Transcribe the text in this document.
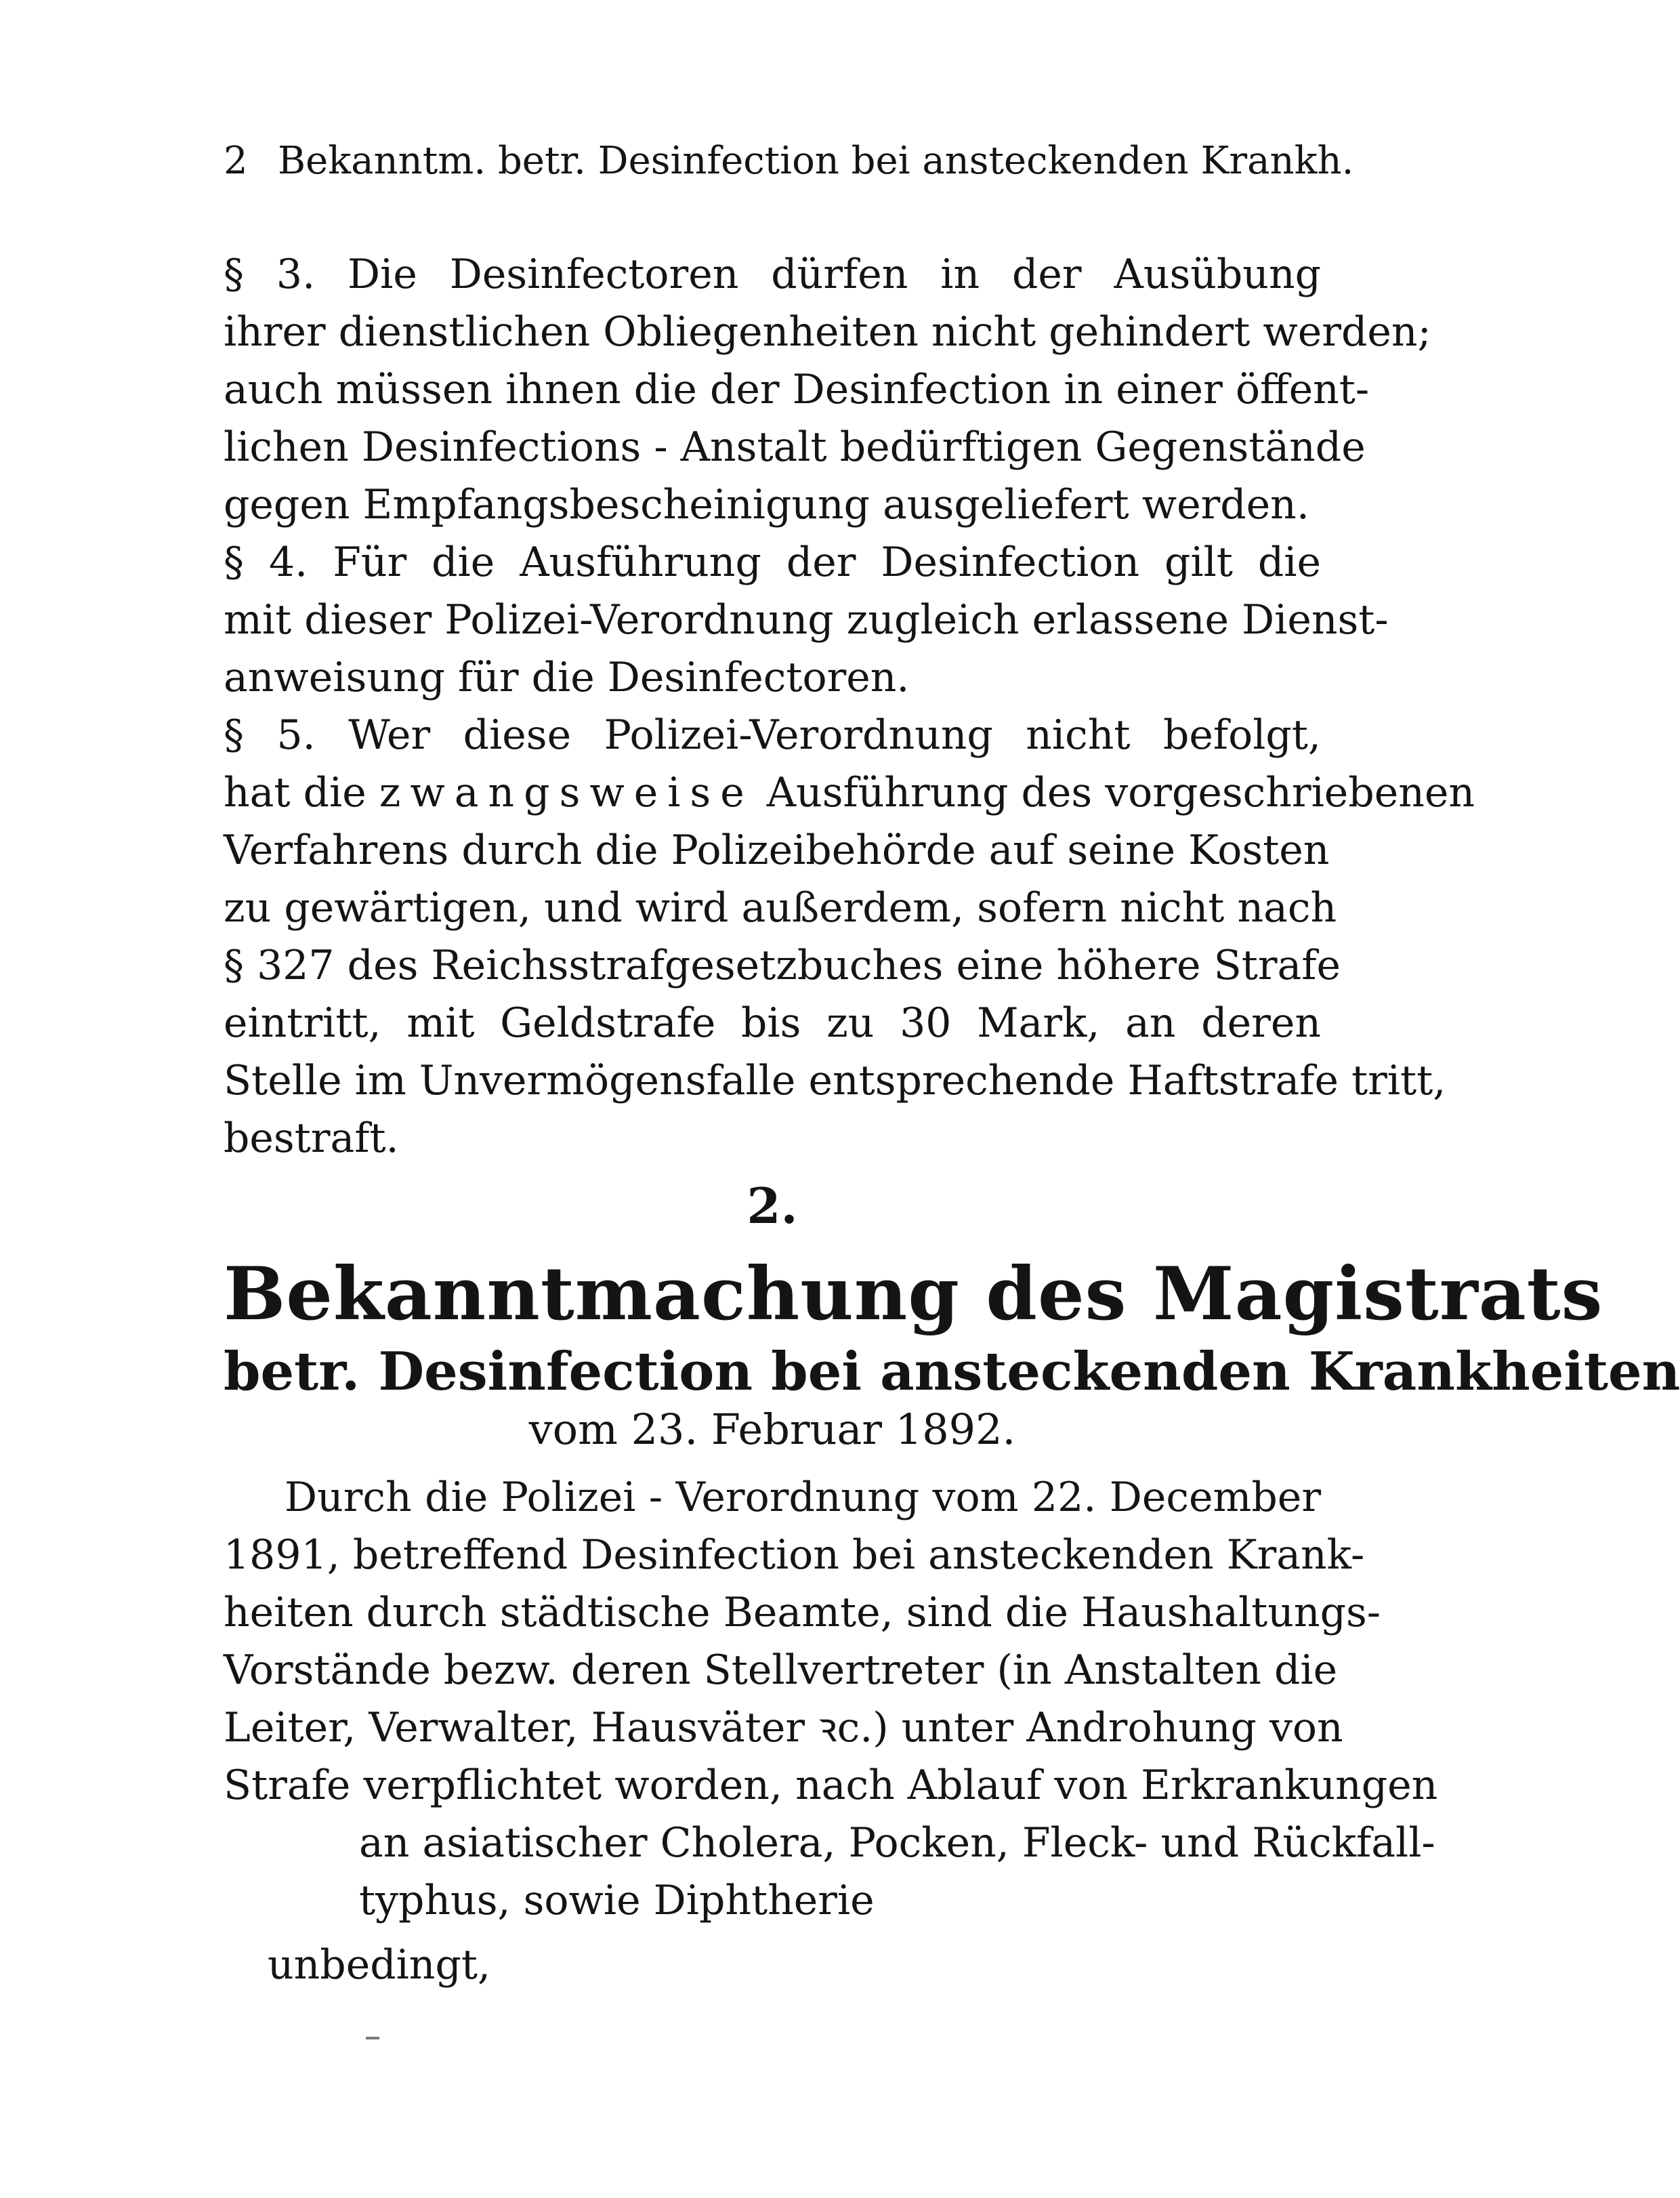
2 Bekanntm. betr. Desinfection bei ansteckenden Krankh.
§ 3. Die Desinfectoren dürfen in der Ausübung
ihrer dienstlichen Obliegenheiten nicht gehindert werden;
auch müssen ihnen die der Desinfection in einer öffent-
lichen Desinfections - Anstalt bedürftigen Gegenstände
gegen Empfangsbescheinigung ausgeliefert werden.
§ 4. Für die Ausführung der Desinfection gilt die
mit dieser Polizei-Verordnung zugleich erlassene Dienst-
anweisung für die Desinfectoren.
§ 5. Wer diese Polizei-Verordnung nicht befolgt,
hat die zwangsweise Ausführung des vorgeschriebenen
Verfahrens durch die Polizeibehörde auf seine Kosten
zu gewärtigen, und wird außerdem, sofern nicht nach
§ 327 des Reichsstrafgesetzbuches eine höhere Strafe
eintritt, mit Geldstrafe bis zu 30 Mark, an deren
Stelle im Unvermögensfalle entsprechende Haftstrafe tritt,
bestraft.
2.
Bekanntmachung des Magistrats
betr. Desinfection bei ansteckenden Krankheiten
vom 23. Februar 1892.
Durch die Polizei - Verordnung vom 22. December
1891, betreffend Desinfection bei ansteckenden Krank-
heiten durch städtische Beamte, sind die Haushaltungs-
Vorstände bezw. deren Stellvertreter (in Anstalten die
Leiter, Verwalter, Hausväter ꝛc.) unter Androhung von
Strafe verpflichtet worden, nach Ablauf von Erkrankungen
an asiatischer Cholera, Pocken, Fleck- und Rückfall-
typhus, sowie Diphtherie
unbedingt,
